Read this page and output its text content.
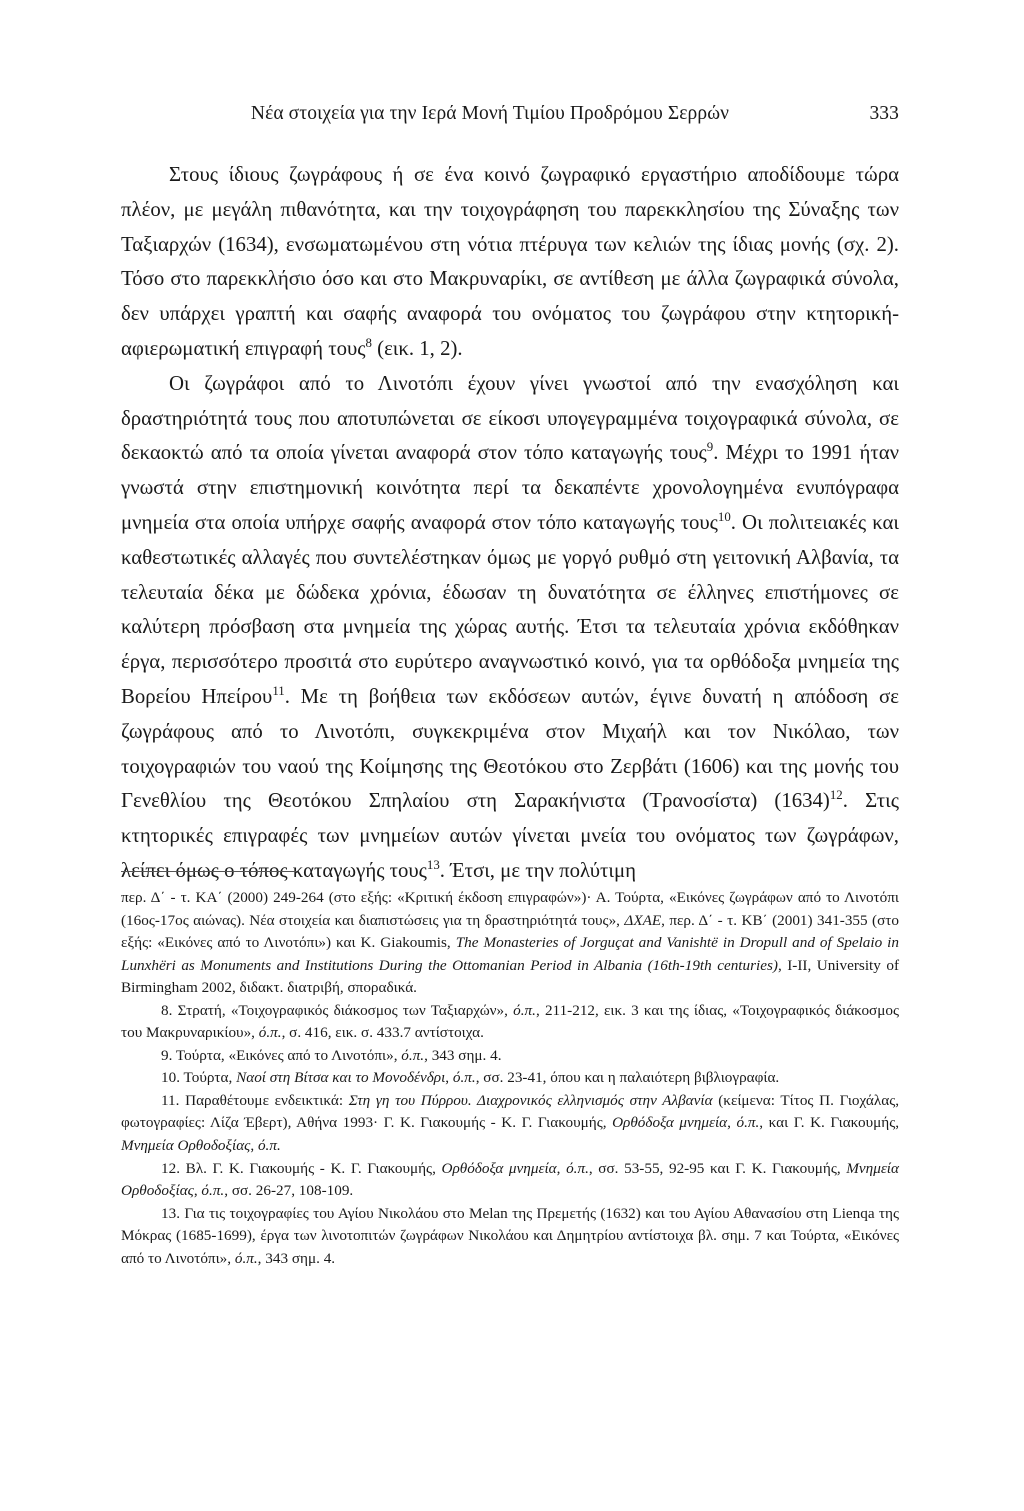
Νέα στοιχεία για την Ιερά Μονή Τιμίου Προδρόμου Σερρών	333

Στους ίδιους ζωγράφους ή σε ένα κοινό ζωγραφικό εργαστήριο αποδίδουμε τώρα πλέον, με μεγάλη πιθανότητα, και την τοιχογράφηση του παρεκκλησίου της Σύναξης των Ταξιαρχών (1634), ενσωματωμένου στη νότια πτέρυγα των κελιών της ίδιας μονής (σχ. 2). Τόσο στο παρεκκλήσιο όσο και στο Μακρυναρίκι, σε αντίθεση με άλλα ζωγραφικά σύνολα, δεν υπάρχει γραπτή και σαφής αναφορά του ονόματος του ζωγράφου στην κτητορική-αφιερωματική επιγραφή τους$^8$ (εικ. 1, 2).

Οι ζωγράφοι από το Λινοτόπι έχουν γίνει γνωστοί από την ενασχόληση και δραστηριότητά τους που αποτυπώνεται σε είκοσι υπογεγραμμένα τοιχογραφικά σύνολα, σε δεκαοκτώ από τα οποία γίνεται αναφορά στον τόπο καταγωγής τους$^9$. Μέχρι το 1991 ήταν γνωστά στην επιστημονική κοινότητα περί τα δεκαπέντε χρονολογημένα ενυπόγραφα μνημεία στα οποία υπήρχε σαφής αναφορά στον τόπο καταγωγής τους$^{10}$. Οι πολιτειακές και καθεστωτικές αλλαγές που συντελέστηκαν όμως με γοργό ρυθμό στη γειτονική Αλβανία, τα τελευταία δέκα με δώδεκα χρόνια, έδωσαν τη δυνατότητα σε έλληνες επιστήμονες σε καλύτερη πρόσβαση στα μνημεία της χώρας αυτής. Έτσι τα τελευταία χρόνια εκδόθηκαν έργα, περισσότερο προσιτά στο ευρύτερο αναγνωστικό κοινό, για τα ορθόδοξα μνημεία της Βορείου Ηπείρου$^{11}$. Με τη βοήθεια των εκδόσεων αυτών, έγινε δυνατή η απόδοση σε ζωγράφους από το Λινοτόπι, συγκεκριμένα στον Μιχαήλ και τον Νικόλαο, των τοιχογραφιών του ναού της Κοίμησης της Θεοτόκου στο Ζερβάτι (1606) και της μονής του Γενεθλίου της Θεοτόκου Σπηλαίου στη Σαρακήνιστα (Τρανοσίστα) $(1634)^{12}$. Στις κτητορικές επιγραφές των μνημείων αυτών γίνεται μνεία του ονόματος των ζωγράφων, λείπει όμως ο τόπος καταγωγής τους$^{13}$. Έτσι, με την πολύτιμη

περ. Δ΄ - τ. ΚΑ΄ (2000) 249-264 (στο εξής: «Κριτική έκδοση επιγραφών»)· Α. Τούρτα, «Εικόνες ζωγράφων από το Λινοτόπι (16ος-17ος αιώνας). Νέα στοιχεία και διαπιστώσεις για τη δραστηριότητά τους», ΔΧΑΕ, περ. Δ΄ - τ. ΚΒ΄ (2001) 341-355 (στο εξής: «Εικόνες από το Λινοτόπι») και K. Giakoumis, The Monasteries of Jorguçat and Vanishtë in Dropull and of Spelaio in Lunxhëri as Monuments and Institutions During the Ottomanian Period in Albania (16th-19th centuries), I-II, University of Birmingham 2002, διδακτ. διατριβή, σποραδικά.

8. Στρατή, «Τοιχογραφικός διάκοσμος των Ταξιαρχών», ό.π., 211-212, εικ. 3 και της ίδιας, «Τοιχογραφικός διάκοσμος του Μακρυναρικίου», ό.π., σ. 416, εικ. σ. 433.7 αντίστοιχα.

9. Τούρτα, «Εικόνες από το Λινοτόπι», ό.π., 343 σημ. 4.

10. Τούρτα, Ναοί στη Βίτσα και το Μονοδένδρι, ό.π., σσ. 23-41, όπου και η παλαιότερη βιβλιογραφία.

11. Παραθέτουμε ενδεικτικά: Στη γη του Πύρρου. Διαχρονικός ελληνισμός στην Αλβανία (κείμενα: Τίτος Π. Γιοχάλας, φωτογραφίες: Λίζα Έβερτ), Αθήνα 1993· Γ. Κ. Γιακουμής - Κ. Γ. Γιακουμής, Ορθόδοξα μνημεία, ό.π., και Γ. Κ. Γιακουμής, Μνημεία Ορθοδοξίας, ό.π.

12. Βλ. Γ. Κ. Γιακουμής - Κ. Γ. Γιακουμής, Ορθόδοξα μνημεία, ό.π., σσ. 53-55, 92-95 και Γ. Κ. Γιακουμής, Μνημεία Ορθοδοξίας, ό.π., σσ. 26-27, 108-109.

13. Για τις τοιχογραφίες του Αγίου Νικολάου στο Melan της Πρεμετής (1632) και του Αγίου Αθανασίου στη Lienqa της Μόκρας (1685-1699), έργα των λινοτοπιτών ζωγράφων Νικολάου και Δημητρίου αντίστοιχα βλ. σημ. 7 και Τούρτα, «Εικόνες από το Λινοτόπι», ό.π., 343 σημ. 4.
